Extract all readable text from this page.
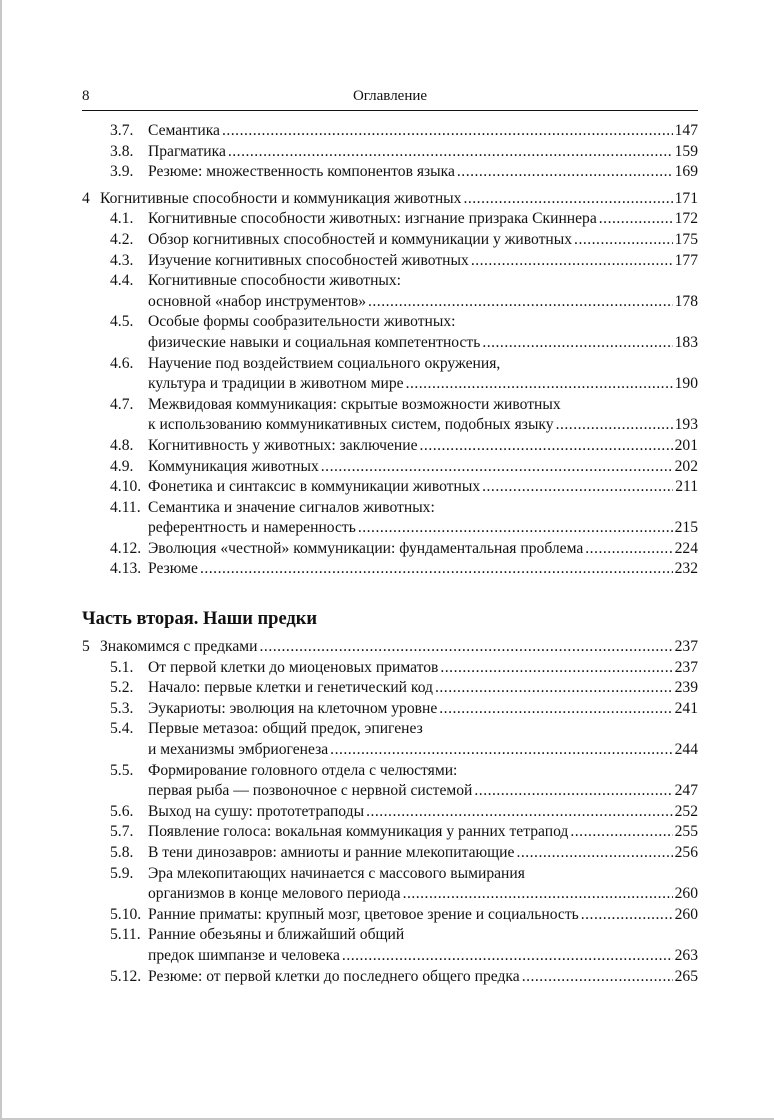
8	Оглавление
3.7. Семантика .....	147
3.8. Прагматика .....	159
3.9. Резюме: множественность компонентов языка .....	169
4 Когнитивные способности и коммуникация животных .....	171
4.1. Когнитивные способности животных: изгнание призрака Скиннера .....	172
4.2. Обзор когнитивных способностей и коммуникации у животных .....	175
4.3. Изучение когнитивных способностей животных .....	177
4.4. Когнитивные способности животных:
основной «набор инструментов» .....	178
4.5. Особые формы сообразительности животных:
физические навыки и социальная компетентность .....	183
4.6. Научение под воздействием социального окружения,
культура и традиции в животном мире .....	190
4.7. Межвидовая коммуникация: скрытые возможности животных
к использованию коммуникативных систем, подобных языку .....	193
4.8. Когнитивность у животных: заключение .....	201
4.9. Коммуникация животных .....	202
4.10. Фонетика и синтаксис в коммуникации животных .....	211
4.11. Семантика и значение сигналов животных:
референтность и намеренность .....	215
4.12. Эволюция «честной» коммуникации: фундаментальная проблема .....	224
4.13. Резюме .....	232
Часть вторая. Наши предки
5 Знакомимся с предками .....	237
5.1. От первой клетки до миоценовых приматов .....	237
5.2. Начало: первые клетки и генетический код .....	239
5.3. Эукариоты: эволюция на клеточном уровне .....	241
5.4. Первые метазоа: общий предок, эпигенез
и механизмы эмбриогенеза .....	244
5.5. Формирование головного отдела с челюстями:
первая рыба — позвоночное с нервной системой .....	247
5.6. Выход на сушу: прототетраподы .....	252
5.7. Появление голоса: вокальная коммуникация у ранних тетрапод .....	255
5.8. В тени динозавров: амниоты и ранние млекопитающие .....	256
5.9. Эра млекопитающих начинается с массового вымирания
организмов в конце мелового периода .....	260
5.10. Ранние приматы: крупный мозг, цветовое зрение и социальность .....	260
5.11. Ранние обезьяны и ближайший общий
предок шимпанзе и человека .....	263
5.12. Резюме: от первой клетки до последнего общего предка .....	265
